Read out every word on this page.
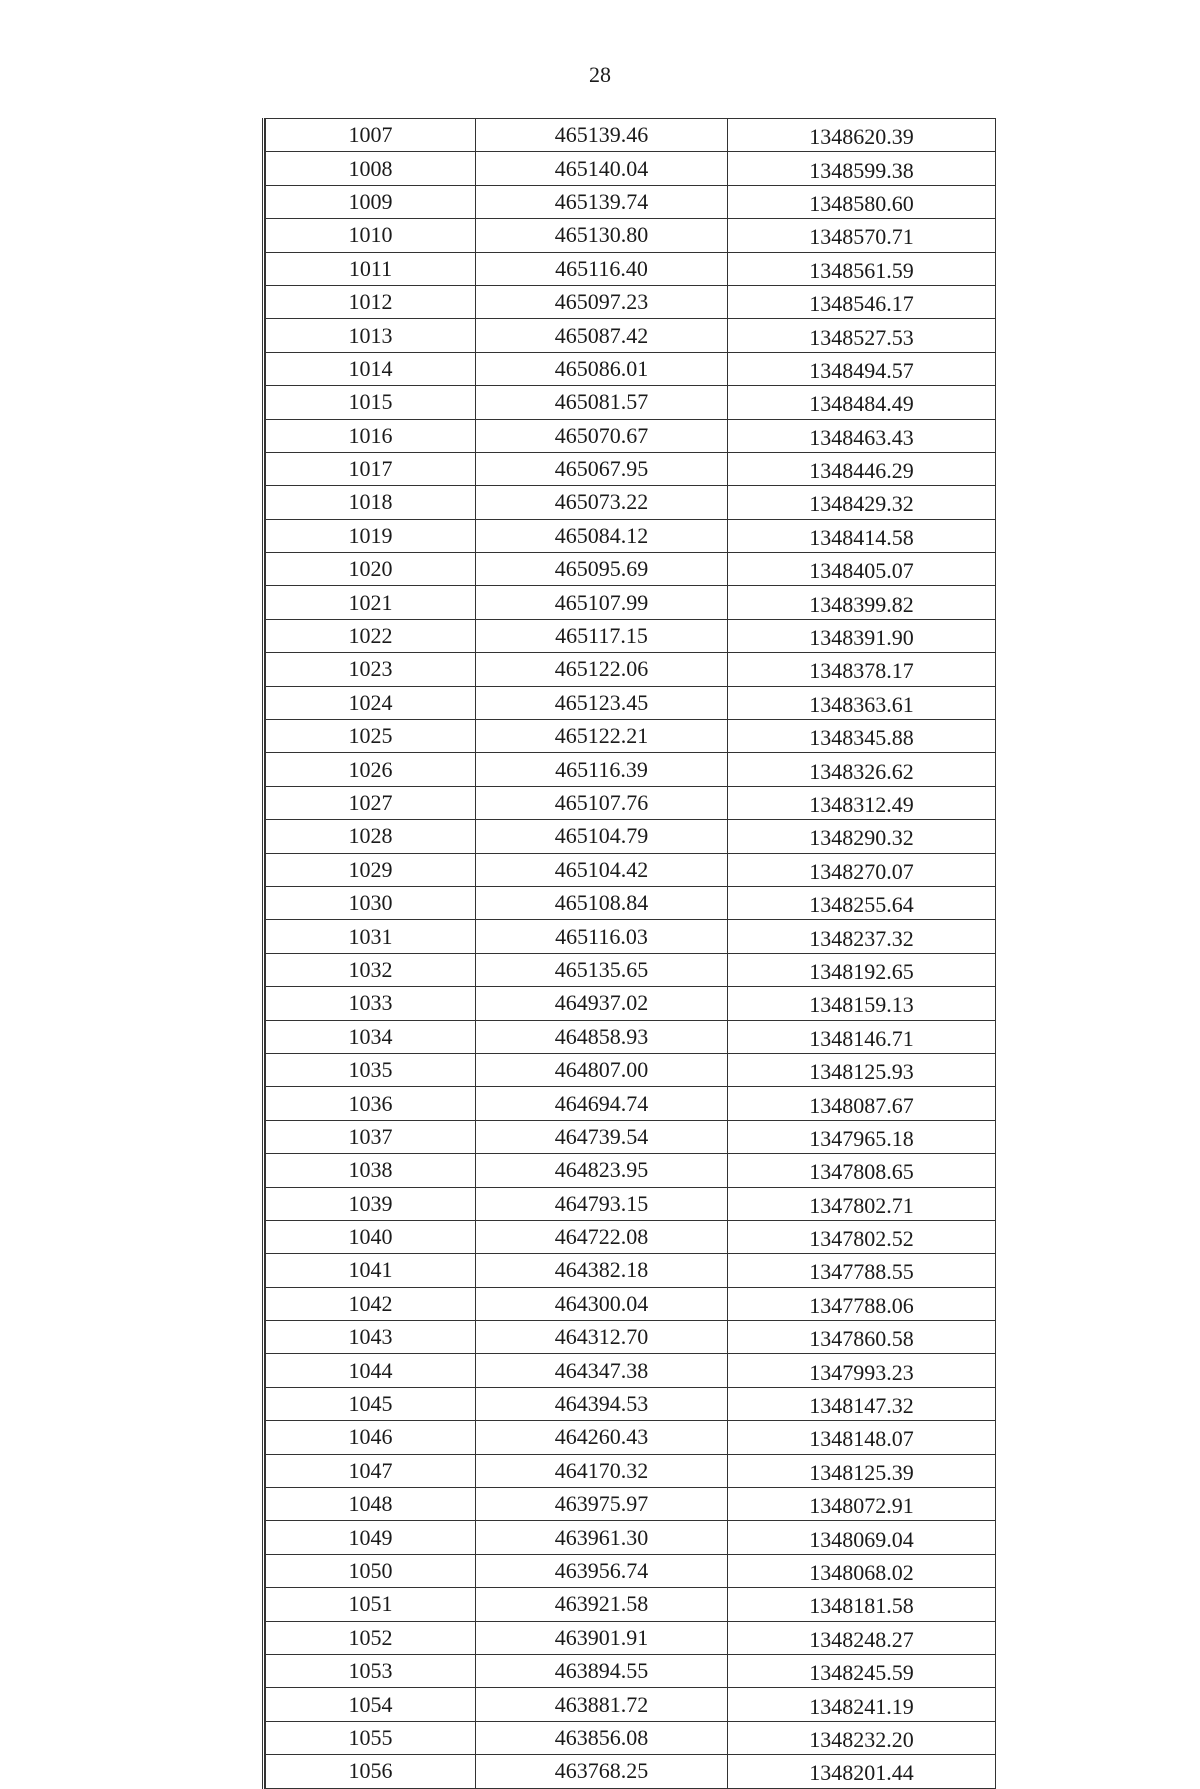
28
1007	465139.46	1348620.39
1008	465140.04	1348599.38
1009	465139.74	1348580.60
1010	465130.80	1348570.71
1011	465116.40	1348561.59
1012	465097.23	1348546.17
1013	465087.42	1348527.53
1014	465086.01	1348494.57
1015	465081.57	1348484.49
1016	465070.67	1348463.43
1017	465067.95	1348446.29
1018	465073.22	1348429.32
1019	465084.12	1348414.58
1020	465095.69	1348405.07
1021	465107.99	1348399.82
1022	465117.15	1348391.90
1023	465122.06	1348378.17
1024	465123.45	1348363.61
1025	465122.21	1348345.88
1026	465116.39	1348326.62
1027	465107.76	1348312.49
1028	465104.79	1348290.32
1029	465104.42	1348270.07
1030	465108.84	1348255.64
1031	465116.03	1348237.32
1032	465135.65	1348192.65
1033	464937.02	1348159.13
1034	464858.93	1348146.71
1035	464807.00	1348125.93
1036	464694.74	1348087.67
1037	464739.54	1347965.18
1038	464823.95	1347808.65
1039	464793.15	1347802.71
1040	464722.08	1347802.52
1041	464382.18	1347788.55
1042	464300.04	1347788.06
1043	464312.70	1347860.58
1044	464347.38	1347993.23
1045	464394.53	1348147.32
1046	464260.43	1348148.07
1047	464170.32	1348125.39
1048	463975.97	1348072.91
1049	463961.30	1348069.04
1050	463956.74	1348068.02
1051	463921.58	1348181.58
1052	463901.91	1348248.27
1053	463894.55	1348245.59
1054	463881.72	1348241.19
1055	463856.08	1348232.20
1056	463768.25	1348201.44
